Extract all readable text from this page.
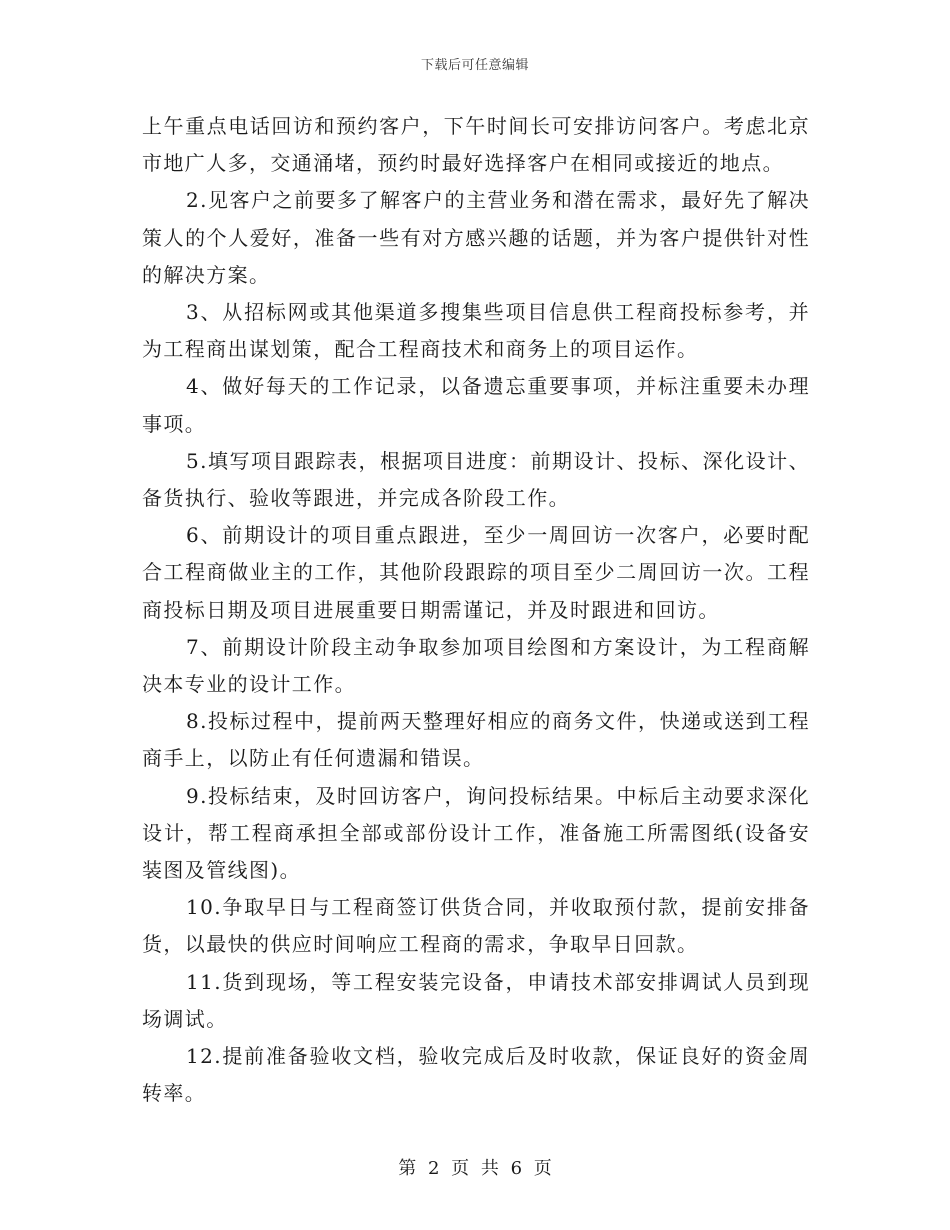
下载后可任意编辑

上午重点电话回访和预约客户，下午时间长可安排访问客户。考虑北京市地广人多，交通涌堵，预约时最好选择客户在相同或接近的地点。

2.见客户之前要多了解客户的主营业务和潜在需求，最好先了解决策人的个人爱好，准备一些有对方感兴趣的话题，并为客户提供针对性的解决方案。

3、从招标网或其他渠道多搜集些项目信息供工程商投标参考，并为工程商出谋划策，配合工程商技术和商务上的项目运作。

4、做好每天的工作记录，以备遗忘重要事项，并标注重要未办理事项。

5.填写项目跟踪表，根据项目进度：前期设计、投标、深化设计、备货执行、验收等跟进，并完成各阶段工作。

6、前期设计的项目重点跟进，至少一周回访一次客户，必要时配合工程商做业主的工作，其他阶段跟踪的项目至少二周回访一次。工程商投标日期及项目进展重要日期需谨记，并及时跟进和回访。

7、前期设计阶段主动争取参加项目绘图和方案设计，为工程商解决本专业的设计工作。

8.投标过程中，提前两天整理好相应的商务文件，快递或送到工程商手上，以防止有任何遗漏和错误。

9.投标结束，及时回访客户，询问投标结果。中标后主动要求深化设计，帮工程商承担全部或部份设计工作，准备施工所需图纸(设备安装图及管线图)。

10.争取早日与工程商签订供货合同，并收取预付款，提前安排备货，以最快的供应时间响应工程商的需求，争取早日回款。

11.货到现场，等工程安装完设备，申请技术部安排调试人员到现场调试。

12.提前准备验收文档，验收完成后及时收款，保证良好的资金周转率。

第 2 页 共 6 页
